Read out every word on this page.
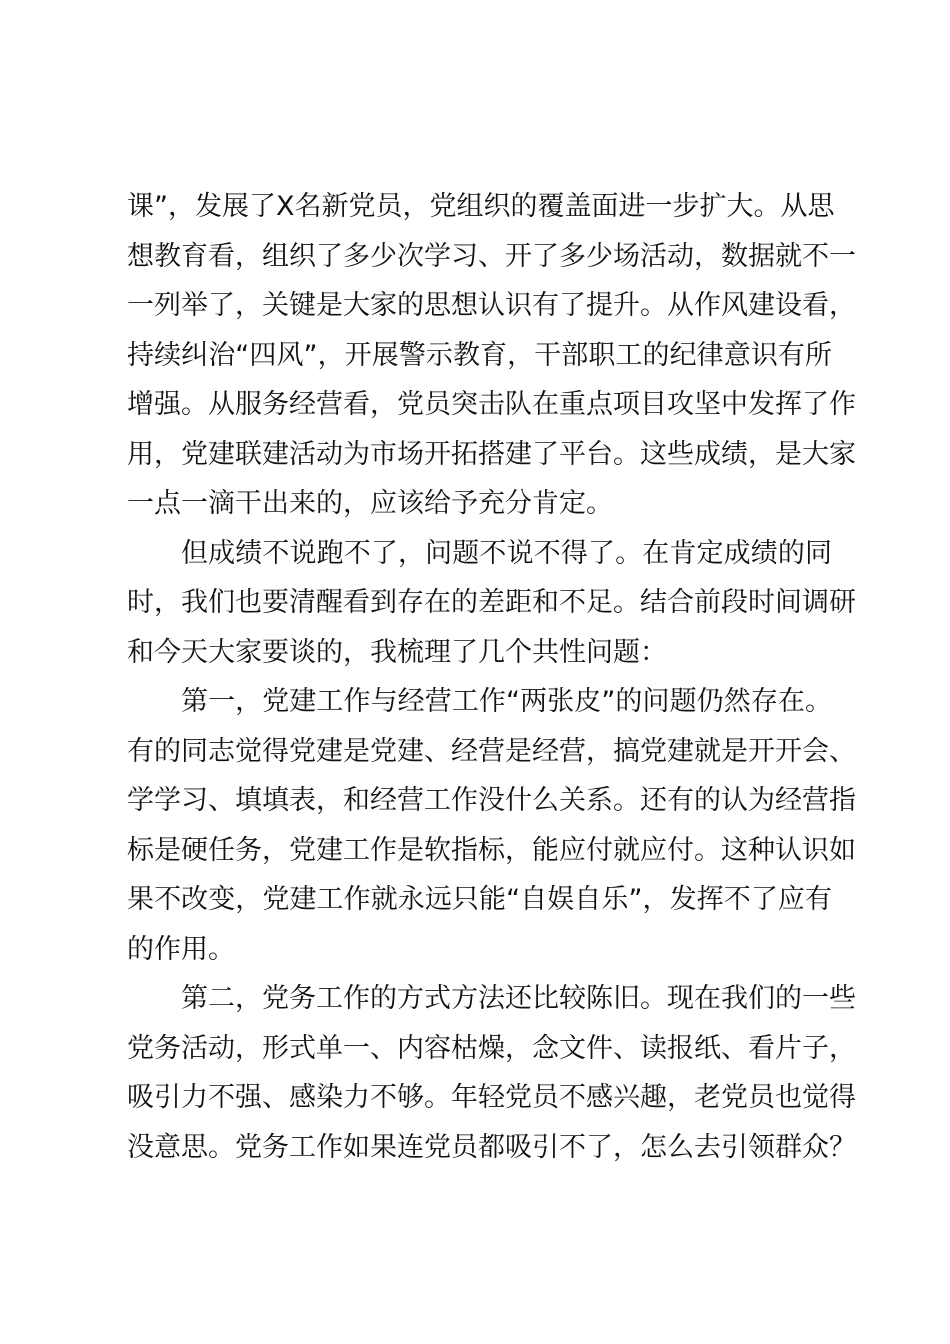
课”，发展了X名新党员，党组织的覆盖面进一步扩大。从思
想教育看，组织了多少次学习、开了多少场活动，数据就不一
一列举了，关键是大家的思想认识有了提升。从作风建设看，
持续纠治“四风”，开展警示教育，干部职工的纪律意识有所
增强。从服务经营看，党员突击队在重点项目攻坚中发挥了作
用，党建联建活动为市场开拓搭建了平台。这些成绩，是大家
一点一滴干出来的，应该给予充分肯定。
但成绩不说跑不了，问题不说不得了。在肯定成绩的同
时，我们也要清醒看到存在的差距和不足。结合前段时间调研
和今天大家要谈的，我梳理了几个共性问题：
第一，党建工作与经营工作“两张皮”的问题仍然存在。
有的同志觉得党建是党建、经营是经营，搞党建就是开开会、
学学习、填填表，和经营工作没什么关系。还有的认为经营指
标是硬任务，党建工作是软指标，能应付就应付。这种认识如
果不改变，党建工作就永远只能“自娱自乐”，发挥不了应有
的作用。
第二，党务工作的方式方法还比较陈旧。现在我们的一些
党务活动，形式单一、内容枯燥，念文件、读报纸、看片子，
吸引力不强、感染力不够。年轻党员不感兴趣，老党员也觉得
没意思。党务工作如果连党员都吸引不了，怎么去引领群众？
